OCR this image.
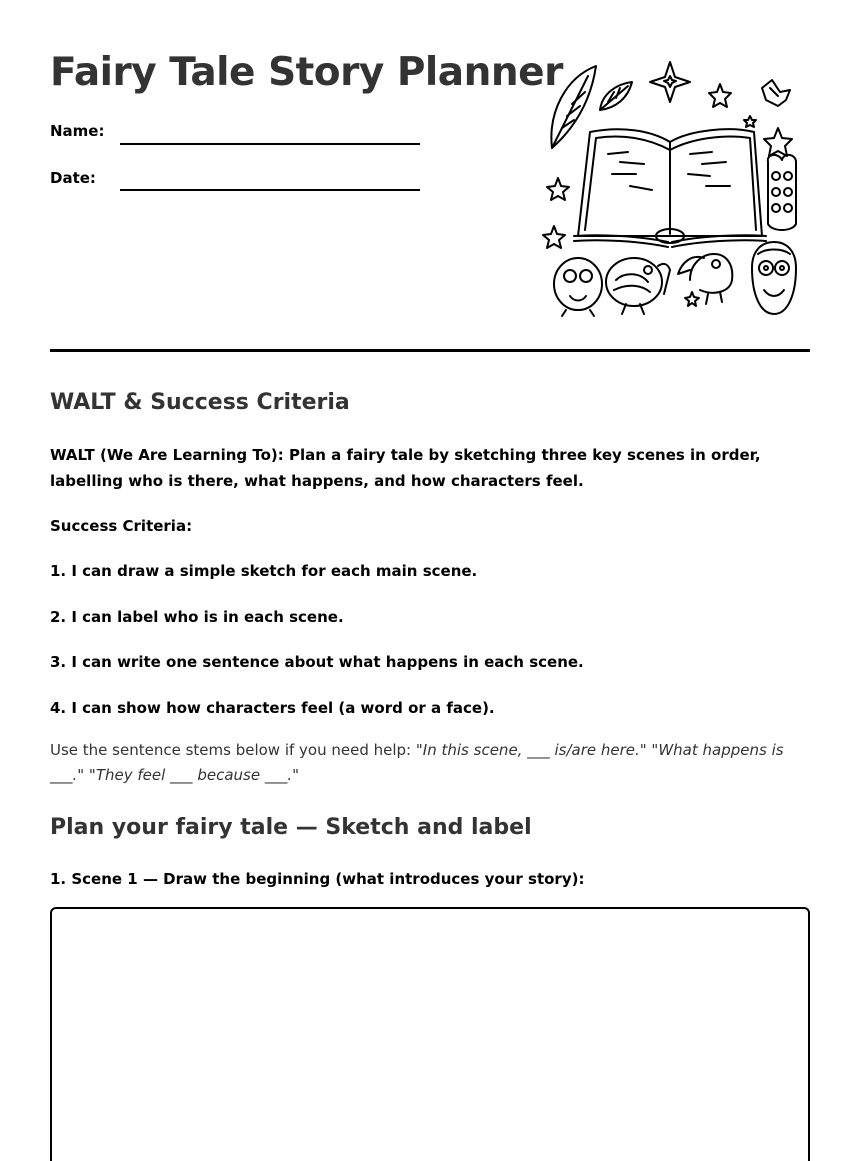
Fairy Tale Story Planner
Name:
Date:
WALT & Success Criteria

WALT (We Are Learning To): Plan a fairy tale by sketching three key scenes in order, labelling who is there, what happens, and how characters feel.

Success Criteria:
1. I can draw a simple sketch for each main scene.
2. I can label who is in each scene.
3. I can write one sentence about what happens in each scene.
4. I can show how characters feel (a word or a face).

Use the sentence stems below if you need help: "In this scene, ___ is/are here." "What happens is ___." "They feel ___ because ___."

Plan your fairy tale — Sketch and label
1. Scene 1 — Draw the beginning (what introduces your story):
